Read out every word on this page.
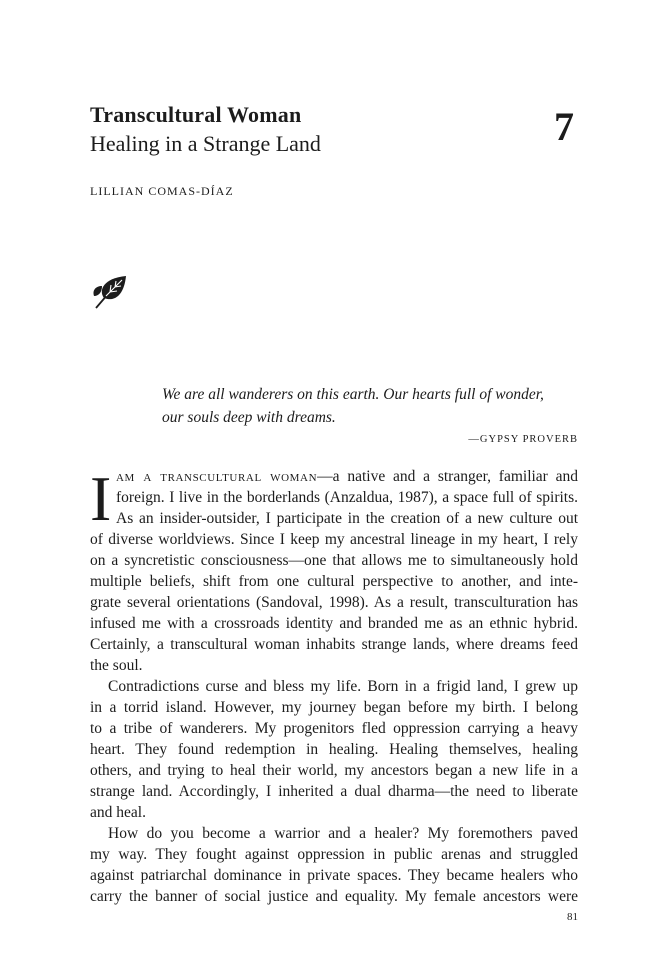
Transcultural Woman
Healing in a Strange Land	7
LILLIAN COMAS-DÍAZ
We are all wanderers on this earth. Our hearts full of wonder,
our souls deep with dreams.
—GYPSY PROVERB
I am a transcultural woman—a native and a stranger, familiar and
foreign. I live in the borderlands (Anzaldua, 1987), a space full of spirits.
As an insider-outsider, I participate in the creation of a new culture out
of diverse worldviews. Since I keep my ancestral lineage in my heart, I rely
on a syncretistic consciousness—one that allows me to simultaneously hold
multiple beliefs, shift from one cultural perspective to another, and inte-
grate several orientations (Sandoval, 1998). As a result, transculturation has
infused me with a crossroads identity and branded me as an ethnic hybrid.
Certainly, a transcultural woman inhabits strange lands, where dreams feed
the soul.
Contradictions curse and bless my life. Born in a frigid land, I grew up
in a torrid island. However, my journey began before my birth. I belong
to a tribe of wanderers. My progenitors fled oppression carrying a heavy
heart. They found redemption in healing. Healing themselves, healing
others, and trying to heal their world, my ancestors began a new life in a
strange land. Accordingly, I inherited a dual dharma—the need to liberate
and heal.
How do you become a warrior and a healer? My foremothers paved
my way. They fought against oppression in public arenas and struggled
against patriarchal dominance in private spaces. They became healers who
carry the banner of social justice and equality. My female ancestors were
81
